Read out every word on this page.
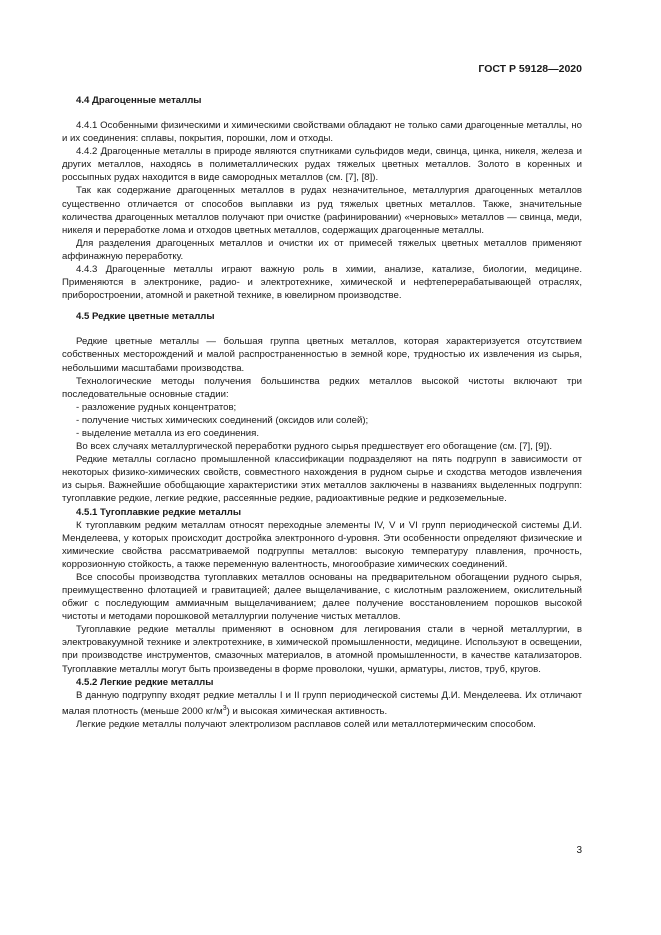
ГОСТ Р 59128—2020

4.4 Драгоценные металлы

4.4.1 Особенными физическими и химическими свойствами обладают не только сами драгоценные металлы, но и их соединения: сплавы, покрытия, порошки, лом и отходы.

4.4.2 Драгоценные металлы в природе являются спутниками сульфидов меди, свинца, цинка, никеля, железа и других металлов, находясь в полиметаллических рудах тяжелых цветных металлов. Золото в коренных и россыпных рудах находится в виде самородных металлов (см. [7], [8]).

Так как содержание драгоценных металлов в рудах незначительное, металлургия драгоценных металлов существенно отличается от способов выплавки из руд тяжелых цветных металлов. Также, значительные количества драгоценных металлов получают при очистке (рафинировании) «черновых» металлов — свинца, меди, никеля и переработке лома и отходов цветных металлов, содержащих драгоценные металлы.

Для разделения драгоценных металлов и очистки их от примесей тяжелых цветных металлов применяют аффинажную переработку.

4.4.3 Драгоценные металлы играют важную роль в химии, анализе, катализе, биологии, медицине. Применяются в электронике, радио- и электротехнике, химической и нефтеперерабатывающей отраслях, приборостроении, атомной и ракетной технике, в ювелирном производстве.

4.5 Редкие цветные металлы

Редкие цветные металлы — большая группа цветных металлов, которая характеризуется отсутствием собственных месторождений и малой распространенностью в земной коре, трудностью их извлечения из сырья, небольшими масштабами производства.

Технологические методы получения большинства редких металлов высокой чистоты включают три последовательные основные стадии:

- разложение рудных концентратов;
- получение чистых химических соединений (оксидов или солей);
- выделение металла из его соединения.

Во всех случаях металлургической переработки рудного сырья предшествует его обогащение (см. [7], [9]).

Редкие металлы согласно промышленной классификации подразделяют на пять подгрупп в зависимости от некоторых физико-химических свойств, совместного нахождения в рудном сырье и сходства методов извлечения из сырья. Важнейшие обобщающие характеристики этих металлов заключены в названиях выделенных подгрупп: тугоплавкие редкие, легкие редкие, рассеянные редкие, радиоактивные редкие и редкоземельные.

4.5.1 Тугоплавкие редкие металлы

К тугоплавким редким металлам относят переходные элементы IV, V и VI групп периодической системы Д.И. Менделеева, у которых происходит достройка электронного d-уровня. Эти особенности определяют физические и химические свойства рассматриваемой подгруппы металлов: высокую температуру плавления, прочность, коррозионную стойкость, а также переменную валентность, многообразие химических соединений.

Все способы производства тугоплавких металлов основаны на предварительном обогащении рудного сырья, преимущественно флотацией и гравитацией; далее выщелачивание, с кислотным разложением, окислительный обжиг с последующим аммиачным выщелачиванием; далее получение восстановлением порошков высокой чистоты и методами порошковой металлургии получение чистых металлов.

Тугоплавкие редкие металлы применяют в основном для легирования стали в черной металлургии, в электровакуумной технике и электротехнике, в химической промышленности, медицине. Используют в освещении, при производстве инструментов, смазочных материалов, в атомной промышленности, в качестве катализаторов. Тугоплавкие металлы могут быть произведены в форме проволоки, чушки, арматуры, листов, труб, кругов.

4.5.2 Легкие редкие металлы

В данную подгруппу входят редкие металлы I и II групп периодической системы Д.И. Менделеева. Их отличают малая плотность (меньше 2000 $кг/м^3$) и высокая химическая активность.

Легкие редкие металлы получают электролизом расплавов солей или металлотермическим способом.

3
